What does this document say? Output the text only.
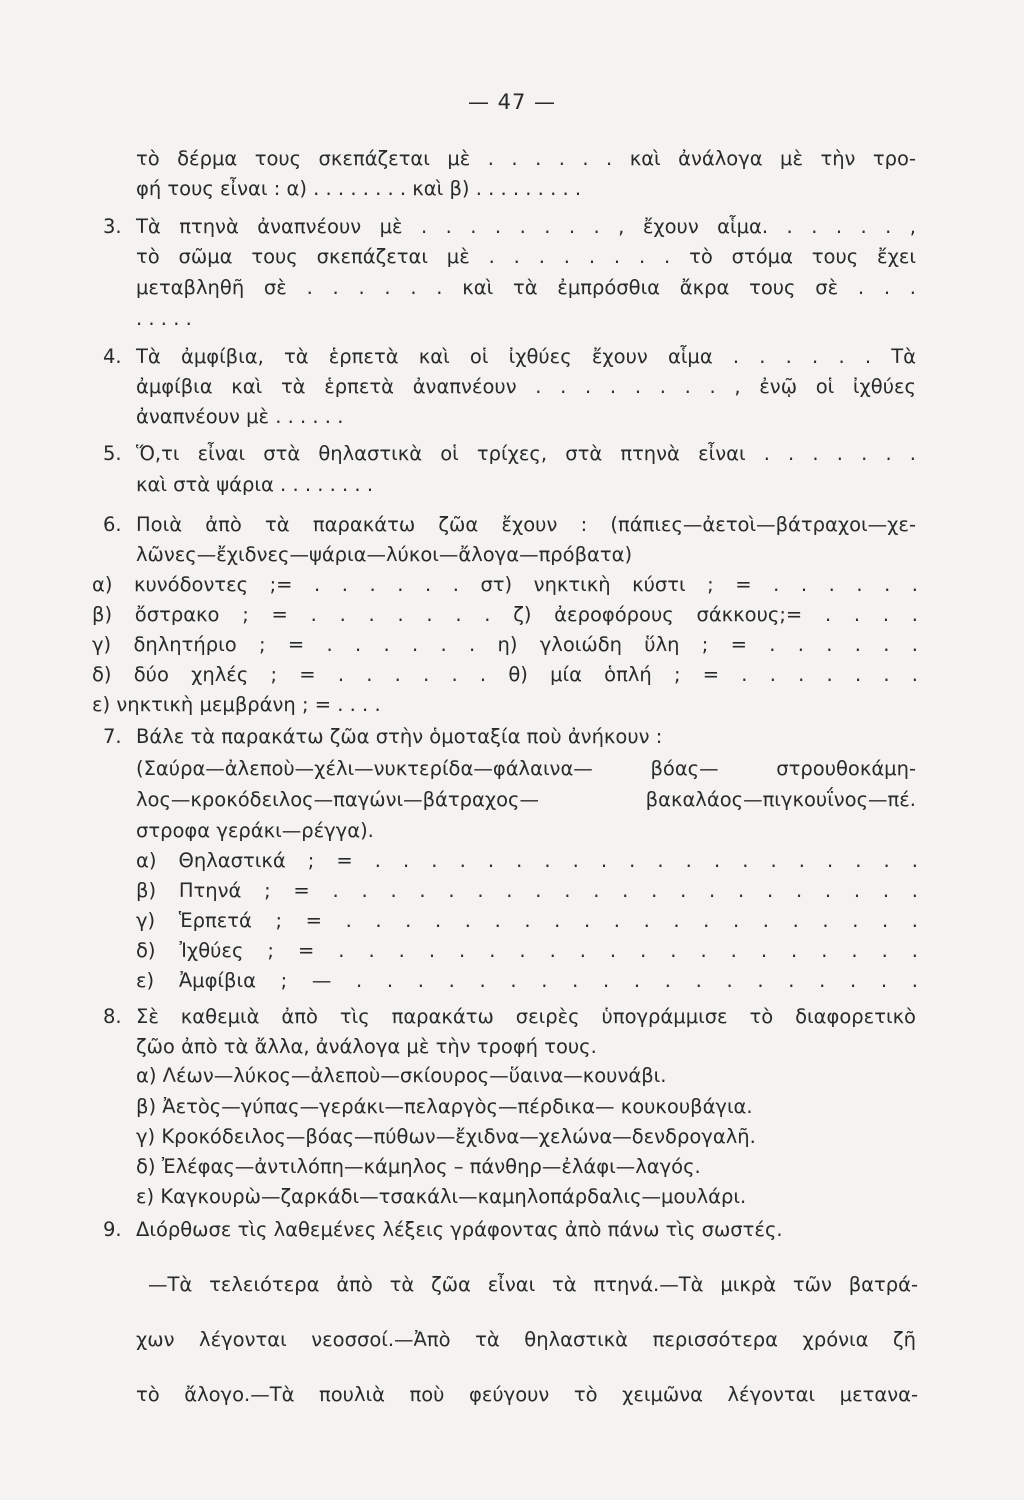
— 47 —
3.
4.
5.
6.
7.
8.
9.
τὸ δέρμα τους σκεπάζεται μὲ . . . . . . καὶ ἀνάλογα μὲ τὴν τρο-
φή τους εἶναι : α) . . . . . . . . καὶ β) . . . . . . . . .
Τὰ πτηνὰ ἀναπνέουν μὲ . . . . . . . . , ἔχουν αἷμα. . . . . . ,
τὸ σῶμα τους σκεπάζεται μὲ . . . . . . . . τὸ στόμα τους ἔχει
μεταβληθῆ σὲ . . . . . . καὶ τὰ ἐμπρόσθια ἄκρα τους σὲ . . .
. . . . .
Τὰ ἀμφίβια, τὰ ἑρπετὰ καὶ οἱ ἰχθύες ἔχουν αἷμα . . . . . . Τὰ
ἀμφίβια καὶ τὰ ἑρπετὰ ἀναπνέουν . . . . . . . . , ἐνῷ οἱ ἰχθύες
ἀναπνέουν μὲ . . . . . .
Ὅ,τι εἶναι στὰ θηλαστικὰ οἱ τρίχες, στὰ πτηνὰ εἶναι . . . . . . .
καὶ στὰ ψάρια . . . . . . . .
Ποιὰ ἀπὸ τὰ παρακάτω ζῶα ἔχουν : (πάπιες—ἀετοὶ—βάτραχοι—χε-
λῶνες—ἔχιδνες—ψάρια—λύκοι—ἄλογα—πρόβατα)
α) κυνόδοντες ;= . . . . . . στ) νηκτικὴ κύστι ; = . . . . . .
β) ὄστρακο ; = . . . . . . . ζ) ἀεροφόρους σάκκους;= . . . .
γ) δηλητήριο ; = . . . . . . η) γλοιώδη ὕλη ; = . . . . . .
δ) δύο χηλές ; = . . . . . . θ) μία ὁπλή ; = . . . . . . .
ε) νηκτικὴ μεμβράνη ; = . . . .
Βάλε τὰ παρακάτω ζῶα στὴν ὁμοταξία ποὺ ἀνήκουν :
(Σαύρα—ἀλεποὺ—χέλι—νυκτερίδα—φάλαινα— βόας— στρουθοκάμη-
λος—κροκόδειλος—παγώνι—βάτραχος— βακαλάος—πιγκουΐνος—πέ.
στροφα γεράκι—ρέγγα).
α) Θηλαστικά ; = . . . . . . . . . . . . . . . . . . . .
β) Πτηνά ; = . . . . . . . . . . . . . . . . . . . . .
γ) Ἑρπετά ; = . . . . . . . . . . . . . . . . . . . .
δ) Ἰχθύες ; = . . . . . . . . . . . . . . . . . . . .
ε) Ἀμφίβια ; — . . . . . . . . . . . . . . . . . . .
Σὲ καθεμιὰ ἀπὸ τὶς παρακάτω σειρὲς ὑπογράμμισε τὸ διαφορετικὸ
ζῶο ἀπὸ τὰ ἄλλα, ἀνάλογα μὲ τὴν τροφή τους.
α) Λέων—λύκος—ἀλεποὺ—σκίουρος—ὕαινα—κουνάβι.
β) Ἀετὸς—γύπας—γεράκι—πελαργὸς—πέρδικα— κουκουβάγια.
γ) Κροκόδειλος—βόας—πύθων—ἔχιδνα—χελώνα—δενδρογαλῆ.
δ) Ἐλέφας—ἀντιλόπη—κάμηλος – πάνθηρ—ἐλάφι—λαγός.
ε) Καγκουρὼ—ζαρκάδι—τσακάλι—καμηλοπάρδαλις—μουλάρι.
Διόρθωσε τὶς λαθεμένες λέξεις γράφοντας ἀπὸ πάνω τὶς σωστές.
—Τὰ τελειότερα ἀπὸ τὰ ζῶα εἶναι τὰ πτηνά.—Τὰ μικρὰ τῶν βατρά-
χων λέγονται νεοσσοί.—Ἀπὸ τὰ θηλαστικὰ περισσότερα χρόνια ζῆ
τὸ ἄλογο.—Τὰ πουλιὰ ποὺ φεύγουν τὸ χειμῶνα λέγονται μετανα-
